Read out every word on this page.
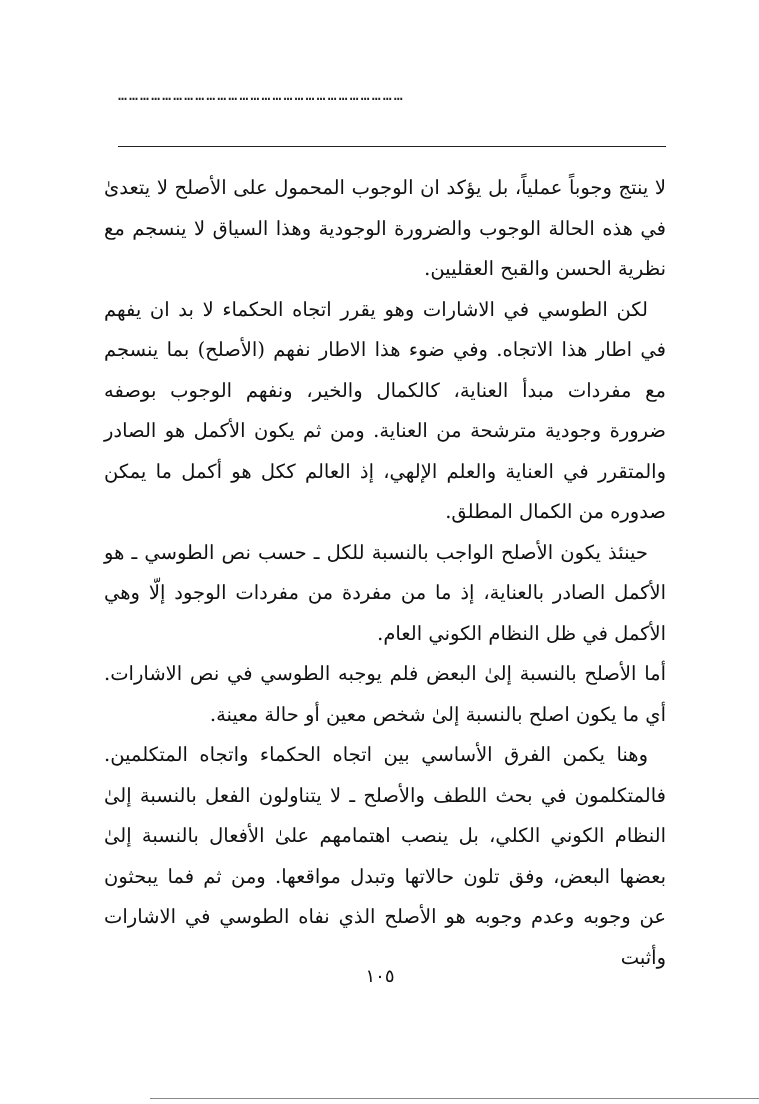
……………………………………………………………………

لا ينتج وجوباً عملياً، بل يؤكد ان الوجوب المحمول على الأصلح لا يتعدىٰ في هذه الحالة الوجوب والضرورة الوجودية وهذا السياق لا ينسجم مع نظرية الحسن والقبح العقليين.

لكن الطوسي في الاشارات وهو يقرر اتجاه الحكماء لا بد ان يفهم في اطار هذا الاتجاه. وفي ضوء هذا الاطار نفهم (الأصلح) بما ينسجم مع مفردات مبدأ العناية، كالكمال والخير، ونفهم الوجوب بوصفه ضرورة وجودية مترشحة من العناية. ومن ثم يكون الأكمل هو الصادر والمتقرر في العناية والعلم الإلهي، إذ العالم ككل هو أكمل ما يمكن صدوره من الكمال المطلق.

حينئذ يكون الأصلح الواجب بالنسبة للكل ـ حسب نص الطوسي ـ هو الأكمل الصادر بالعناية، إذ ما من مفردة من مفردات الوجود إلّا وهي الأكمل في ظل النظام الكوني العام.

أما الأصلح بالنسبة إلىٰ البعض فلم يوجبه الطوسي في نص الاشارات. أي ما يكون اصلح بالنسبة إلىٰ شخص معين أو حالة معينة.

وهنا يكمن الفرق الأساسي بين اتجاه الحكماء واتجاه المتكلمين. فالمتكلمون في بحث اللطف والأصلح ـ لا يتناولون الفعل بالنسبة إلىٰ النظام الكوني الكلي، بل ينصب اهتمامهم علىٰ الأفعال بالنسبة إلىٰ بعضها البعض، وفق تلون حالاتها وتبدل مواقعها. ومن ثم فما يبحثون عن وجوبه وعدم وجوبه هو الأصلح الذي نفاه الطوسي في الاشارات وأثبت

١٠٥
